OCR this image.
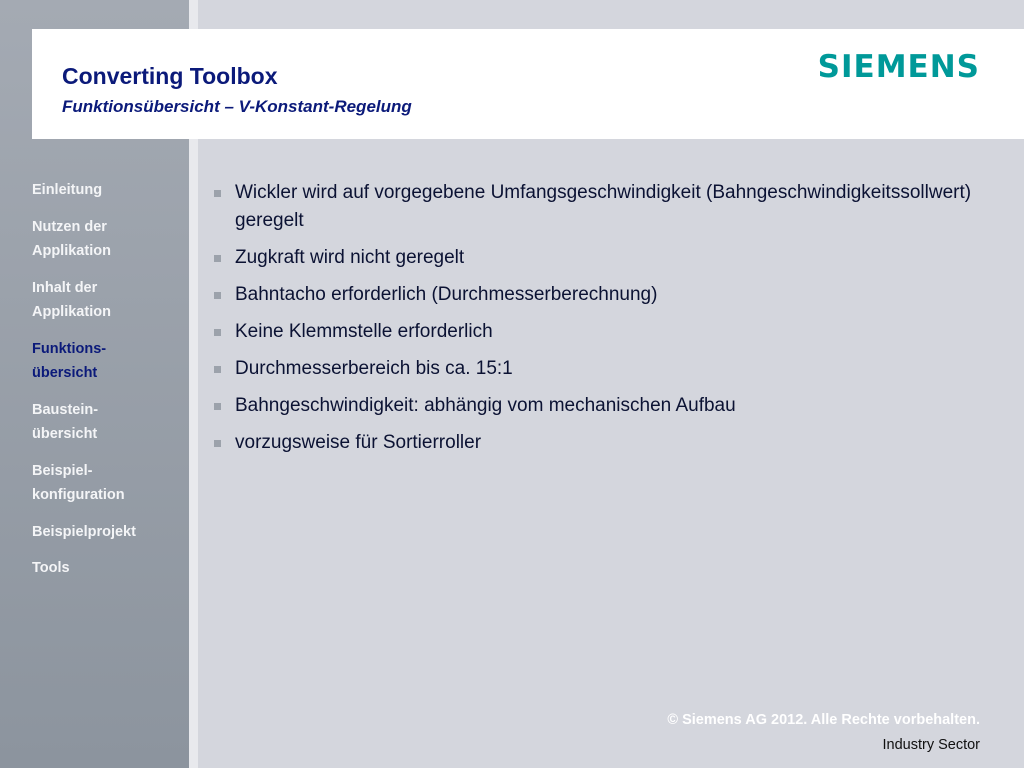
Converting Toolbox
Funktionsübersicht – V-Konstant-Regelung
SIEMENS
Einleitung
Nutzen der
Applikation
Inhalt der
Applikation
Funktions-
übersicht
Baustein-
übersicht
Beispiel-
konfiguration
Beispielprojekt
Tools
Wickler wird auf vorgegebene Umfangsgeschwindigkeit (Bahngeschwindigkeitssollwert) geregelt
Zugkraft wird nicht geregelt
Bahntacho erforderlich (Durchmesserberechnung)
Keine Klemmstelle erforderlich
Durchmesserbereich bis ca. 15:1
Bahngeschwindigkeit: abhängig vom mechanischen Aufbau
vorzugsweise für Sortierroller
© Siemens AG 2012. Alle Rechte vorbehalten.
Industry Sector
